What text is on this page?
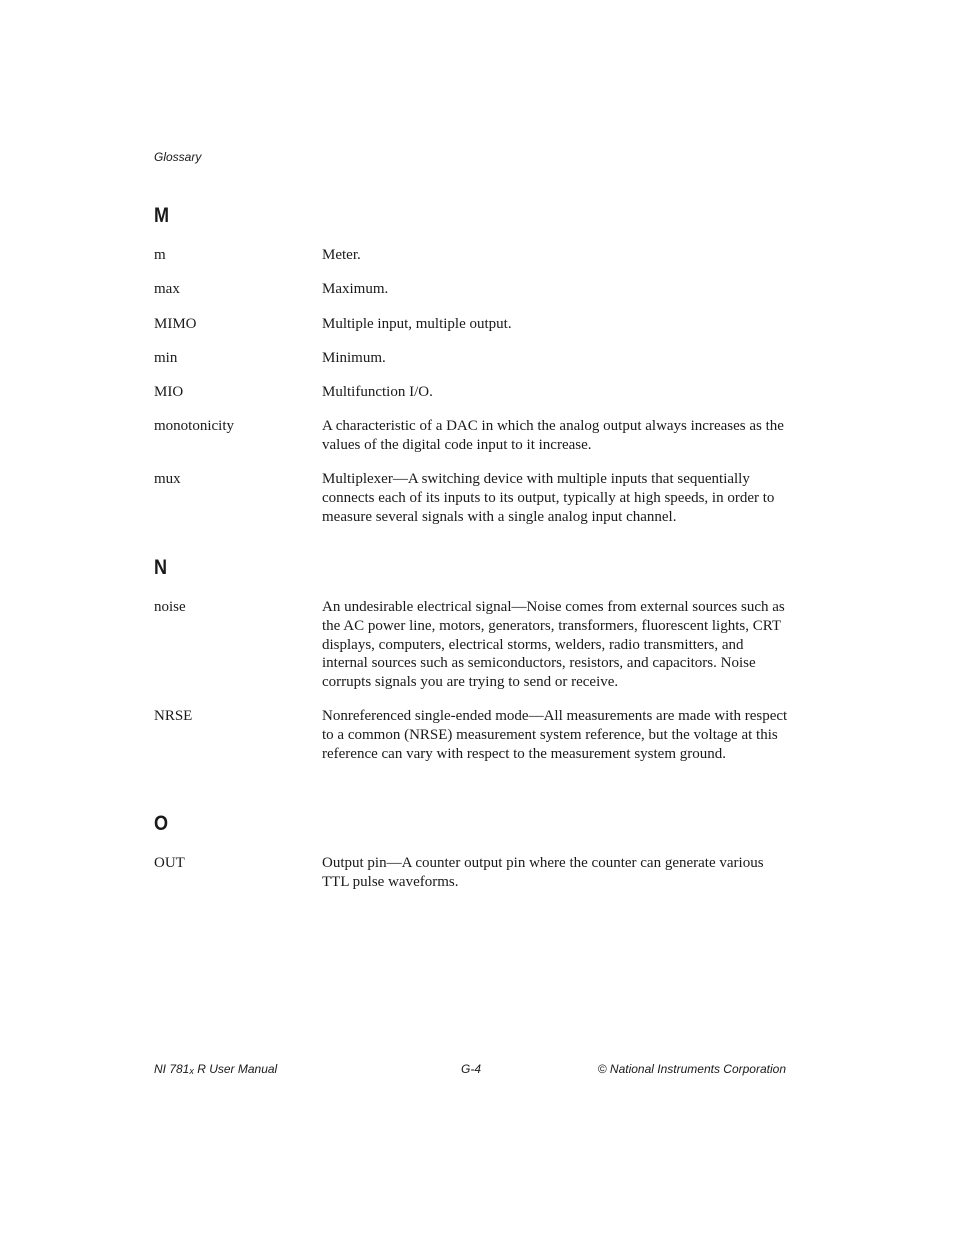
Glossary
M
m	Meter.
max	Maximum.
MIMO	Multiple input, multiple output.
min	Minimum.
MIO	Multifunction I/O.
monotonicity	A characteristic of a DAC in which the analog output always increases as the values of the digital code input to it increase.
mux	Multiplexer—A switching device with multiple inputs that sequentially connects each of its inputs to its output, typically at high speeds, in order to measure several signals with a single analog input channel.
N
noise	An undesirable electrical signal—Noise comes from external sources such as the AC power line, motors, generators, transformers, fluorescent lights, CRT displays, computers, electrical storms, welders, radio transmitters, and internal sources such as semiconductors, resistors, and capacitors. Noise corrupts signals you are trying to send or receive.
NRSE	Nonreferenced single-ended mode—All measurements are made with respect to a common (NRSE) measurement system reference, but the voltage at this reference can vary with respect to the measurement system ground.
O
OUT	Output pin—A counter output pin where the counter can generate various TTL pulse waveforms.
NI 781x R User Manual	G-4	© National Instruments Corporation
